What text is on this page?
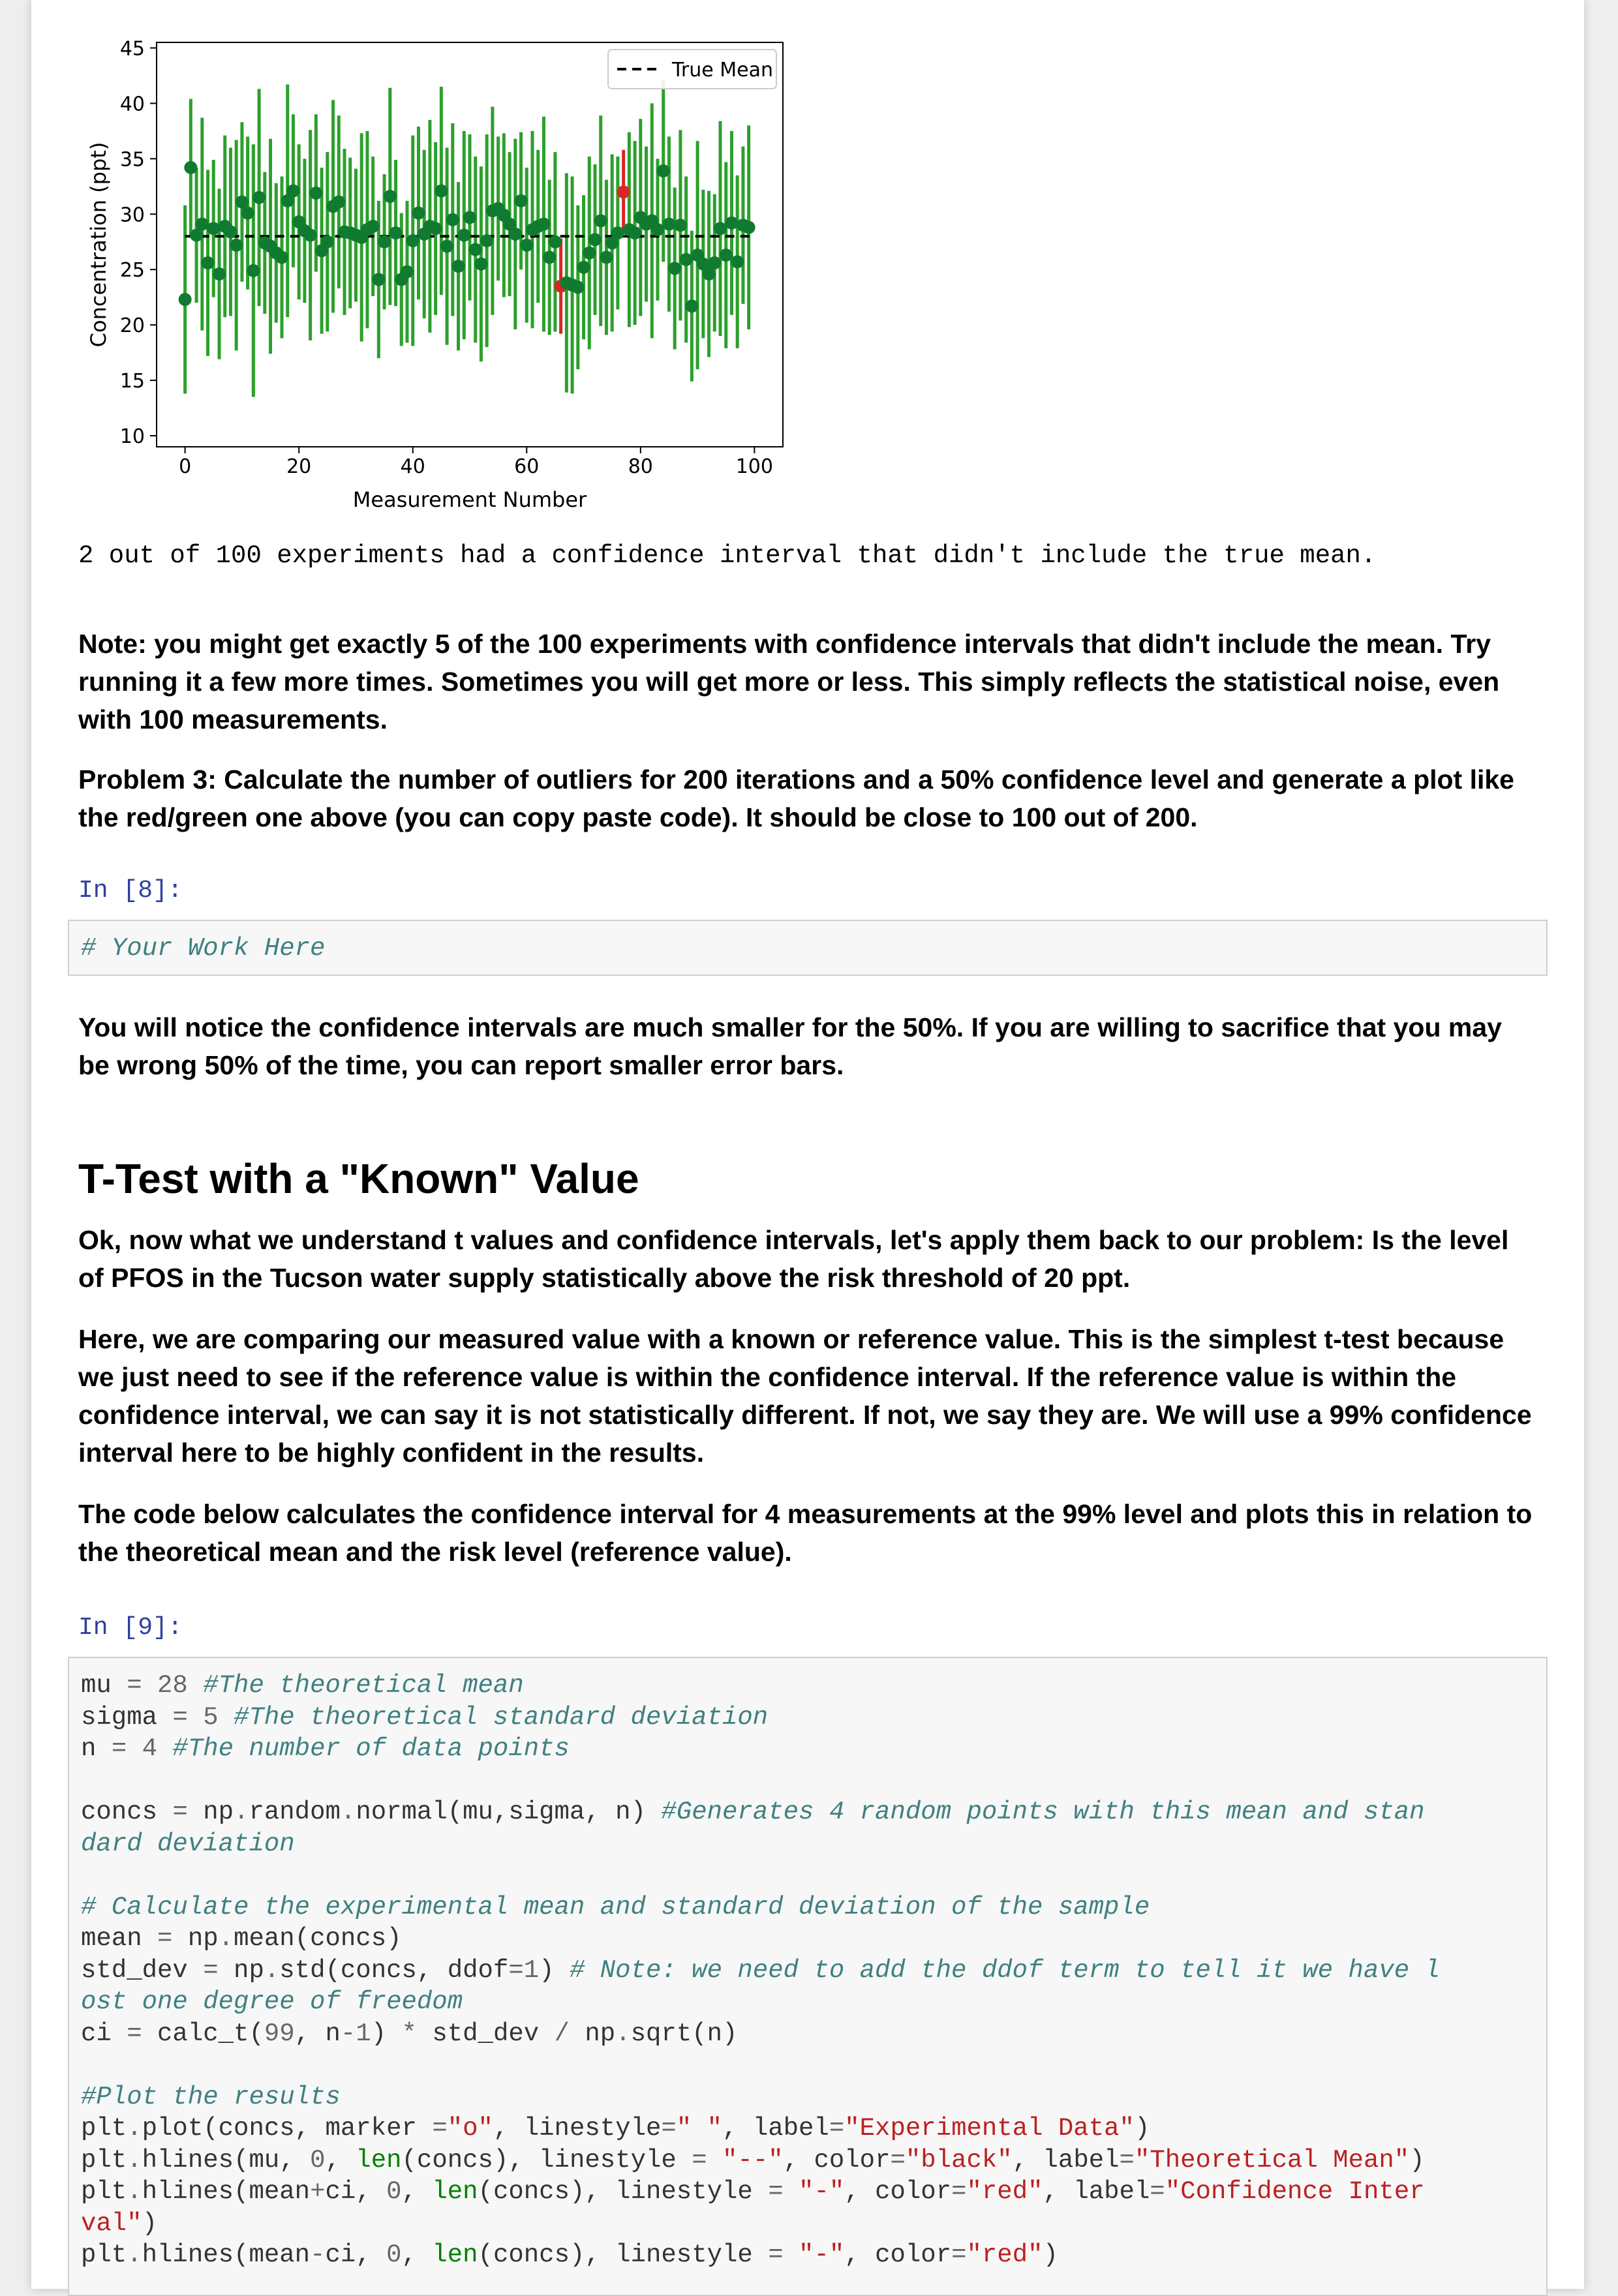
0	20	40	60	80	100
10
15
20
25
30
35
40
45
Measurement Number
Concentration (ppt)
True Mean
2 out of 100 experiments had a confidence interval that didn't include the true mean.
Note: you might get exactly 5 of the 100 experiments with confidence intervals that didn't include the mean. Try running it a few more times. Sometimes you will get more or less. This simply reflects the statistical noise, even with 100 measurements.
Problem 3: Calculate the number of outliers for 200 iterations and a 50% confidence level and generate a plot like the red/green one above (you can copy paste code). It should be close to 100 out of 200.
In [8]:
# Your Work Here
You will notice the confidence intervals are much smaller for the 50%. If you are willing to sacrifice that you may be wrong 50% of the time, you can report smaller error bars.
T-Test with a "Known" Value
Ok, now what we understand t values and confidence intervals, let's apply them back to our problem: Is the level of PFOS in the Tucson water supply statistically above the risk threshold of 20 ppt.
Here, we are comparing our measured value with a known or reference value. This is the simplest t-test because we just need to see if the reference value is within the confidence interval. If the reference value is within the confidence interval, we can say it is not statistically different. If not, we say they are. We will use a 99% confidence interval here to be highly confident in the results.
The code below calculates the confidence interval for 4 measurements at the 99% level and plots this in relation to the theoretical mean and the risk level (reference value).
In [9]:
mu = 28 #The theoretical mean
sigma = 5 #The theoretical standard deviation
n = 4 #The number of data points
concs = np.random.normal(mu,sigma, n) #Generates 4 random points with this mean and stan
dard deviation
# Calculate the experimental mean and standard deviation of the sample
mean = np.mean(concs)
std_dev = np.std(concs, ddof=1) # Note: we need to add the ddof term to tell it we have l
ost one degree of freedom
ci = calc_t(99, n-1) * std_dev / np.sqrt(n)
#Plot the results
plt.plot(concs, marker ="o", linestyle=" ", label="Experimental Data")
plt.hlines(mu, 0, len(concs), linestyle = "--", color="black", label="Theoretical Mean")
plt.hlines(mean+ci, 0, len(concs), linestyle = "-", color="red", label="Confidence Inter
val")
plt.hlines(mean-ci, 0, len(concs), linestyle = "-", color="red")
